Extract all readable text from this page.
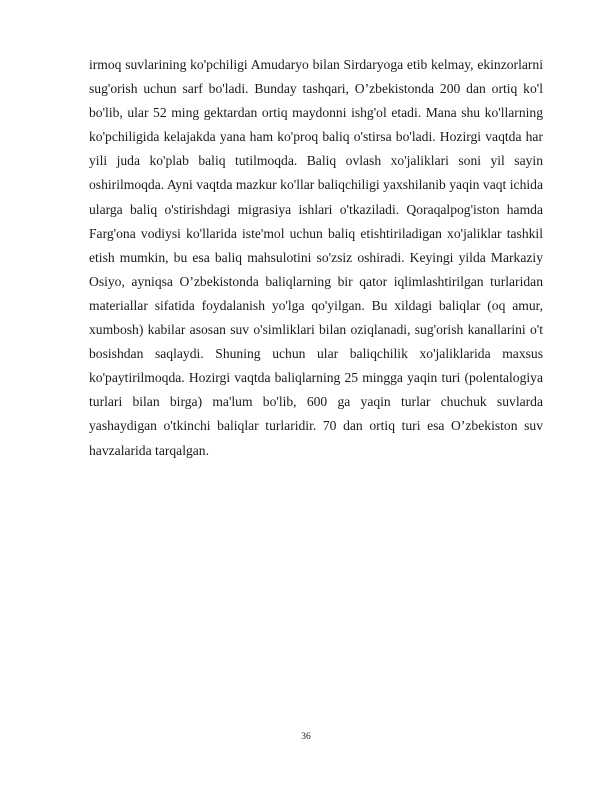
irmoq suvlarining ko'pchiligi Amudaryo bilan Sirdaryoga etib kelmay, ekinzorlarni sug'orish uchun sarf bo'ladi. Bunday tashqari, O’zbekistonda 200 dan ortiq ko'l bo'lib, ular 52 ming gektardan ortiq maydonni ishg'ol etadi. Mana shu ko'llarning ko'pchiligida kelajakda yana ham ko'proq baliq o'stirsa bo'ladi. Hozirgi vaqtda har yili juda ko'plab baliq tutilmoqda. Baliq ovlash xo'jaliklari soni yil sayin oshirilmoqda. Ayni vaqtda mazkur ko'llar baliqchiligi yaxshilanib yaqin vaqt ichida ularga baliq o'stirishdagi migrasiya ishlari o'tkaziladi. Qoraqalpog'iston hamda Farg'ona vodiysi ko'llarida iste'mol uchun baliq etishtiriladigan xo'jaliklar tashkil etish mumkin, bu esa baliq mahsulotini so'zsiz oshiradi. Keyingi yilda Markaziy Osiyo, ayniqsa O’zbekistonda baliqlarning bir qator iqlimlashtirilgan turlaridan materiallar sifatida foydalanish yo'lga qo'yilgan. Bu xildagi baliqlar (oq amur, xumbosh) kabilar asosan suv o'simliklari bilan oziqlanadi, sug'orish kanallarini o't bosishdan saqlaydi. Shuning uchun ular baliqchilik xo'jaliklarida maxsus ko'paytirilmoqda. Hozirgi vaqtda baliqlarning 25 mingga yaqin turi (polentalogiya turlari bilan birga) ma'lum bo'lib, 600 ga yaqin turlar chuchuk suvlarda yashaydigan o'tkinchi baliqlar turlaridir. 70 dan ortiq turi esa O’zbekiston suv havzalarida tarqalgan.

36
